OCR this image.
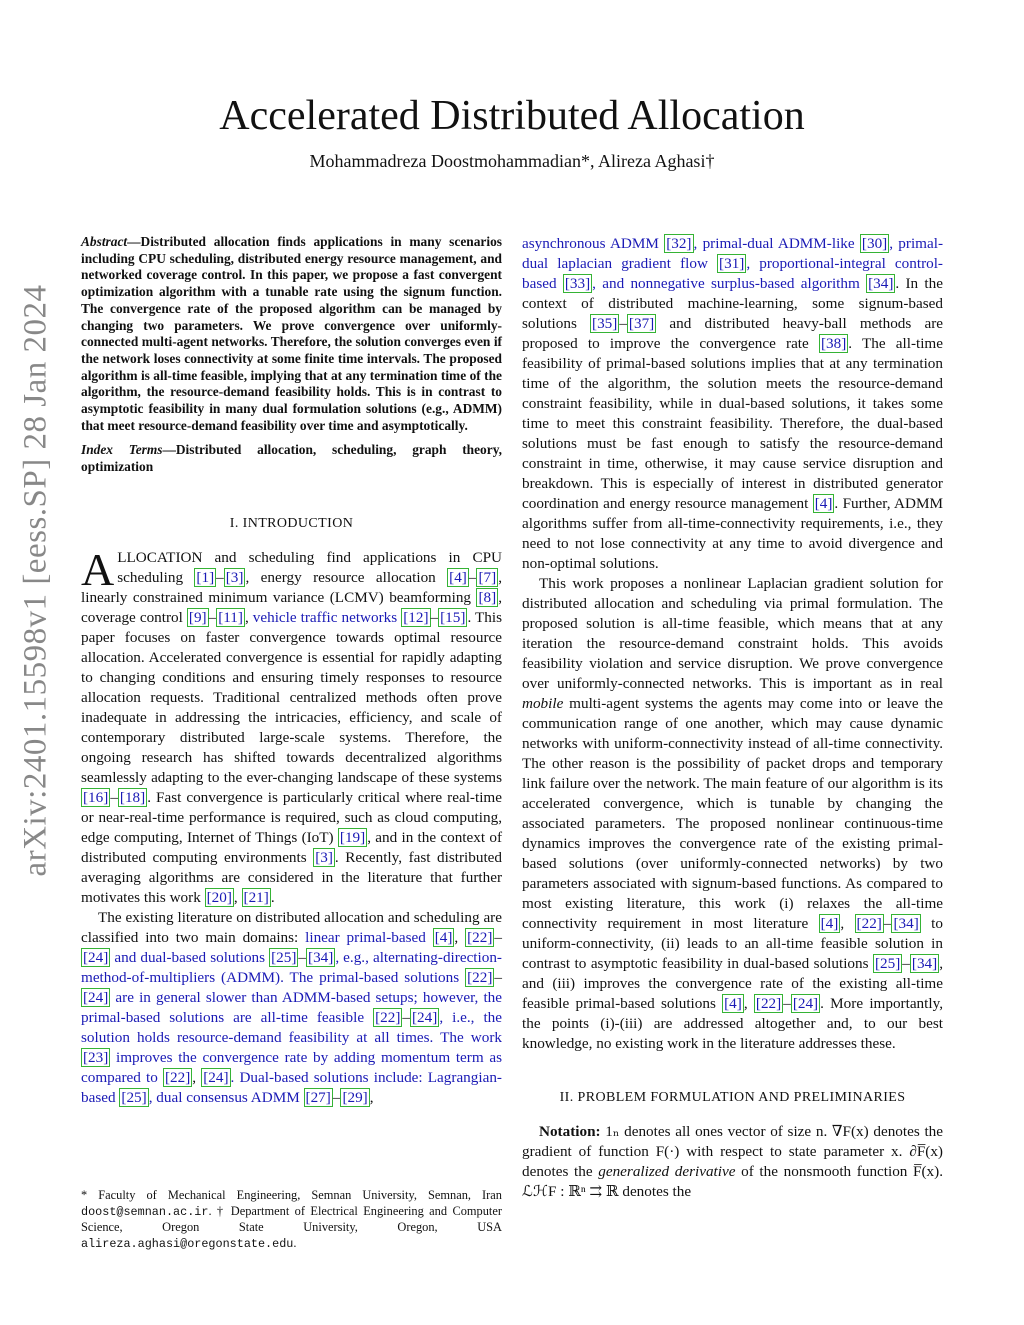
arXiv:2401.15598v1 [eess.SP] 28 Jan 2024
Accelerated Distributed Allocation
Mohammadreza Doostmohammadian*, Alireza Aghasi†

Abstract—Distributed allocation finds applications in many scenarios including CPU scheduling, distributed energy resource management, and networked coverage control. In this paper, we propose a fast convergent optimization algorithm with a tunable rate using the signum function. The convergence rate of the proposed algorithm can be managed by changing two parameters. We prove convergence over uniformly-connected multi-agent networks. Therefore, the solution converges even if the network loses connectivity at some finite time intervals. The proposed algorithm is all-time feasible, implying that at any termination time of the algorithm, the resource-demand feasibility holds. This is in contrast to asymptotic feasibility in many dual formulation solutions (e.g., ADMM) that meet resource-demand feasibility over time and asymptotically.

Index Terms—Distributed allocation, scheduling, graph theory, optimization

I. INTRODUCTION

ALLOCATION and scheduling find applications in CPU scheduling [1] – [3] , energy resource allocation [4] – [7] , linearly constrained minimum variance (LCMV) beamforming [8] , coverage control [9] – [11] , vehicle traffic networks [12] – [15] . This paper focuses on faster convergence towards optimal resource allocation. Accelerated convergence is essential for rapidly adapting to changing conditions and ensuring timely responses to resource allocation requests. Traditional centralized methods often prove inadequate in addressing the intricacies, efficiency, and scale of contemporary distributed large-scale systems. Therefore, the ongoing research has shifted towards decentralized algorithms seamlessly adapting to the ever-changing landscape of these systems [16] – [18] . Fast convergence is particularly critical where real-time or near-real-time performance is required, such as cloud computing, edge computing, Internet of Things (IoT) [19] , and in the context of distributed computing environments [3] . Recently, fast distributed averaging algorithms are considered in the literature that further motivates this work [20] , [21] .

The existing literature on distributed allocation and scheduling are classified into two main domains: linear primal-based [4] , [22] –[24] and dual-based solutions [25] – [34] , e.g., alternating-direction-method-of-multipliers (ADMM). The primal-based solutions [22] –[24] are in general slower than ADMM-based setups; however, the primal-based solutions are all-time feasible [22] – [24] , i.e., the solution holds resource-demand feasibility at all times. The work [23] improves the convergence rate by adding momentum term as compared to [22] , [24] . Dual-based solutions include: Lagrangian-based [25] , dual consensus ADMM [27] – [29] ,

* Faculty of Mechanical Engineering, Semnan University, Semnan, Iran doost@semnan.ac.ir. † Department of Electrical Engineering and Computer Science, Oregon State University, Oregon, USA alireza.aghasi@oregonstate.edu.

asynchronous ADMM [32] , primal-dual ADMM-like [30] , primal-dual laplacian gradient flow [31] , proportional-integral control-based [33] , and nonnegative surplus-based algorithm [34] . In the context of distributed machine-learning, some signum-based solutions [35] – [37] and distributed heavy-ball methods are proposed to improve the convergence rate [38] . The all-time feasibility of primal-based solutions implies that at any termination time of the algorithm, the solution meets the resource-demand constraint feasibility, while in dual-based solutions, it takes some time to meet this constraint feasibility. Therefore, the dual-based solutions must be fast enough to satisfy the resource-demand constraint in time, otherwise, it may cause service disruption and breakdown. This is especially of interest in distributed generator coordination and energy resource management [4] . Further, ADMM algorithms suffer from all-time-connectivity requirements, i.e., they need to not lose connectivity at any time to avoid divergence and non-optimal solutions.

This work proposes a nonlinear Laplacian gradient solution for distributed allocation and scheduling via primal formulation. The proposed solution is all-time feasible, which means that at any iteration the resource-demand constraint holds. This avoids feasibility violation and service disruption. We prove convergence over uniformly-connected networks. This is important as in real mobile multi-agent systems the agents may come into or leave the communication range of one another, which may cause dynamic networks with uniform-connectivity instead of all-time connectivity. The other reason is the possibility of packet drops and temporary link failure over the network. The main feature of our algorithm is its accelerated convergence, which is tunable by changing the associated parameters. The proposed nonlinear continuous-time dynamics improves the convergence rate of the existing primal-based solutions (over uniformly-connected networks) by two parameters associated with signum-based functions. As compared to most existing literature, this work (i) relaxes the all-time connectivity requirement in most literature [4] , [22] – [34] to uniform-connectivity, (ii) leads to an all-time feasible solution in contrast to asymptotic feasibility in dual-based solutions [25] – [34] , and (iii) improves the convergence rate of the existing all-time feasible primal-based solutions [4] , [22] – [24] . More importantly, the points (i)-(iii) are addressed altogether and, to our best knowledge, no existing work in the literature addresses these.

II. PROBLEM FORMULATION AND PRELIMINARIES

Notation: 1ₙ denotes all ones vector of size n. ∇F(x) denotes the gradient of function F(·) with respect to state parameter x. ∂F̅(x) denotes the generalized derivative of the nonsmooth function F̅(x). ℒℋF : ℝⁿ ⇉ ℝ denotes the
